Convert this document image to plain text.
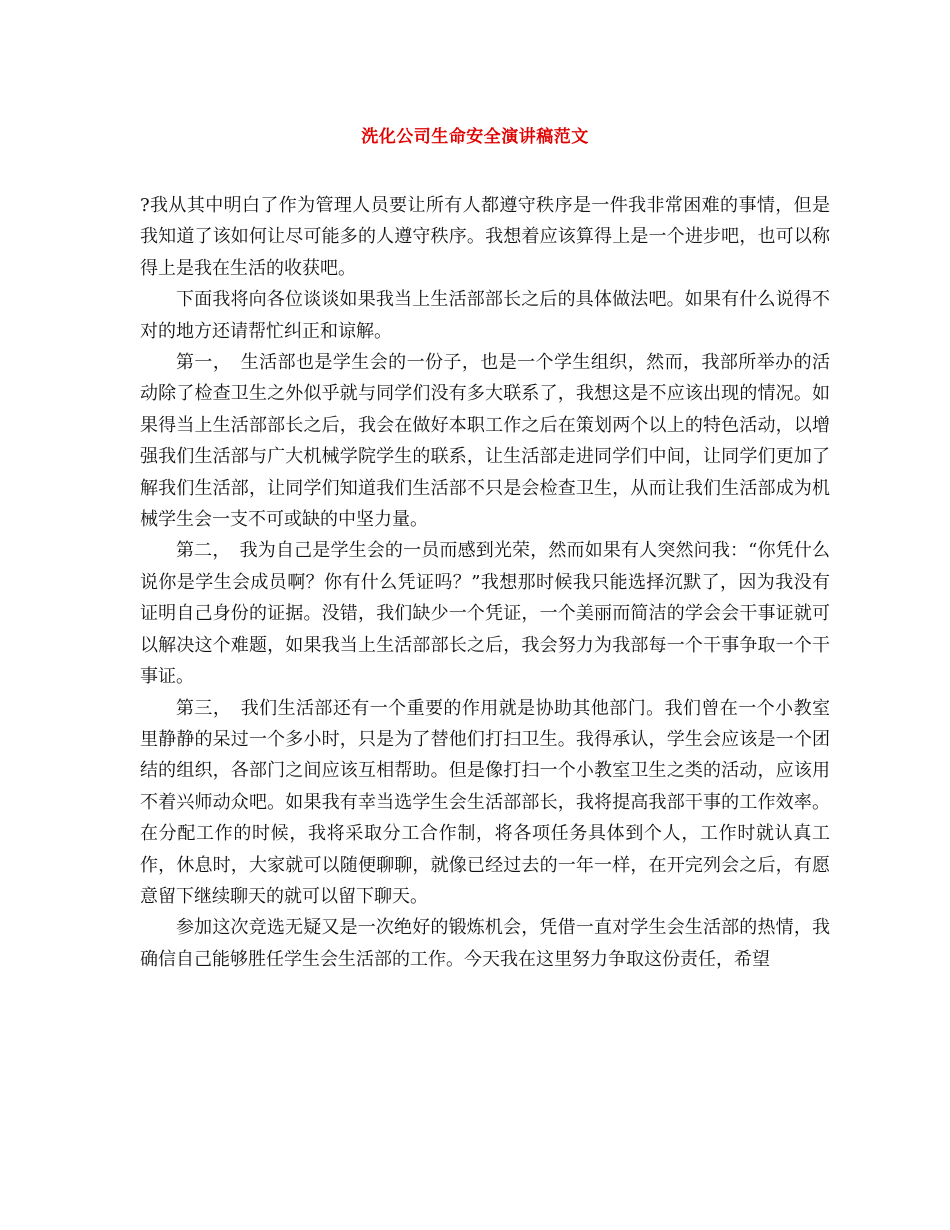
洗化公司生命安全演讲稿范文

?我从其中明白了作为管理人员要让所有人都遵守秩序是一件我非常困难的事情，但是我知道了该如何让尽可能多的人遵守秩序。我想着应该算得上是一个进步吧，也可以称得上是我在生活的收获吧。

下面我将向各位谈谈如果我当上生活部部长之后的具体做法吧。如果有什么说得不对的地方还请帮忙纠正和谅解。

第一，　生活部也是学生会的一份子，也是一个学生组织，然而，我部所举办的活动除了检查卫生之外似乎就与同学们没有多大联系了，我想这是不应该出现的情况。如果得当上生活部部长之后，我会在做好本职工作之后在策划两个以上的特色活动，以增强我们生活部与广大机械学院学生的联系，让生活部走进同学们中间，让同学们更加了解我们生活部，让同学们知道我们生活部不只是会检查卫生，从而让我们生活部成为机械学生会一支不可或缺的中坚力量。

第二，　我为自己是学生会的一员而感到光荣，然而如果有人突然问我：“你凭什么说你是学生会成员啊？你有什么凭证吗？”我想那时候我只能选择沉默了，因为我没有证明自己身份的证据。没错，我们缺少一个凭证，一个美丽而简洁的学会会干事证就可以解决这个难题，如果我当上生活部部长之后，我会努力为我部每一个干事争取一个干事证。

第三，　我们生活部还有一个重要的作用就是协助其他部门。我们曾在一个小教室里静静的呆过一个多小时，只是为了替他们打扫卫生。我得承认，学生会应该是一个团结的组织，各部门之间应该互相帮助。但是像打扫一个小教室卫生之类的活动，应该用不着兴师动众吧。如果我有幸当选学生会生活部部长，我将提高我部干事的工作效率。在分配工作的时候，我将采取分工合作制，将各项任务具体到个人，工作时就认真工作，休息时，大家就可以随便聊聊，就像已经过去的一年一样，在开完列会之后，有愿意留下继续聊天的就可以留下聊天。

参加这次竞选无疑又是一次绝好的锻炼机会，凭借一直对学生会生活部的热情，我确信自己能够胜任学生会生活部的工作。今天我在这里努力争取这份责任，希望
